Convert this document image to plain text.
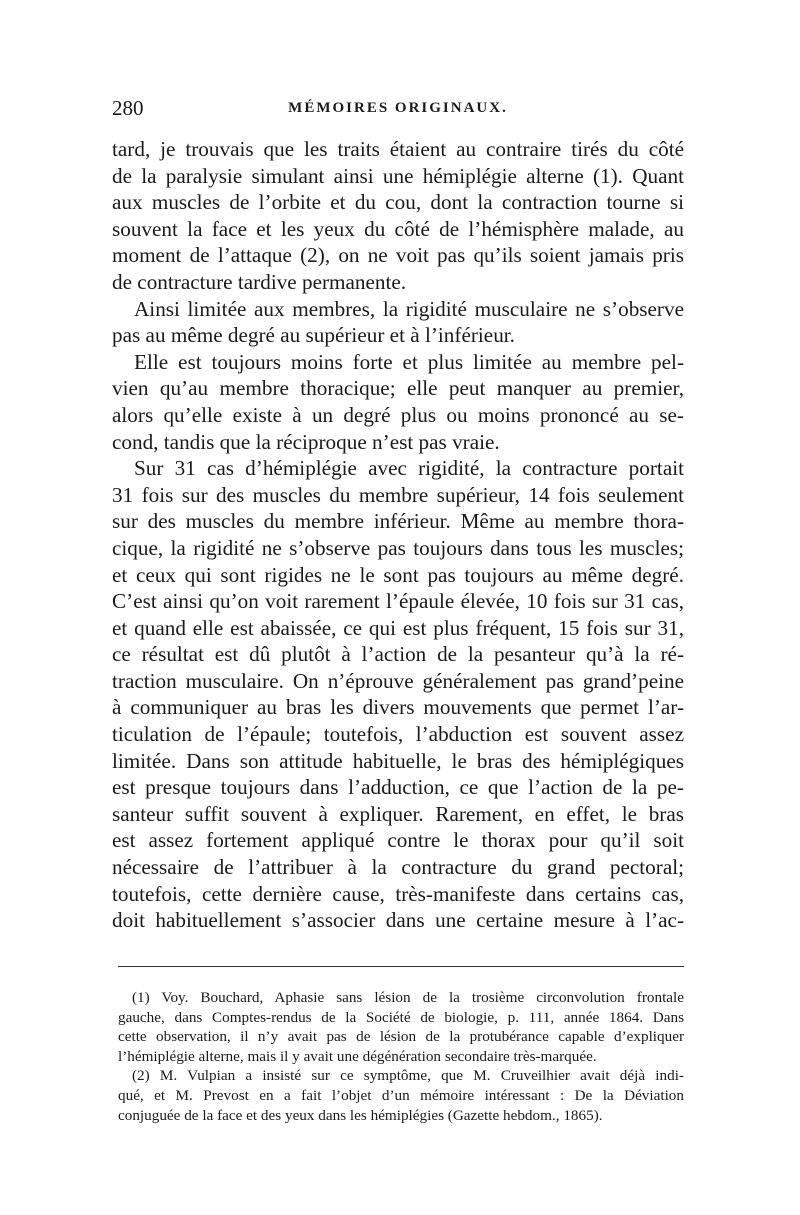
280	MÉMOIRES ORIGINAUX.

tard, je trouvais que les traits étaient au contraire tirés du côté
de la paralysie simulant ainsi une hémiplégie alterne (1). Quant
aux muscles de l’orbite et du cou, dont la contraction tourne si
souvent la face et les yeux du côté de l’hémisphère malade, au
moment de l’attaque (2), on ne voit pas qu’ils soient jamais pris
de contracture tardive permanente.

Ainsi limitée aux membres, la rigidité musculaire ne s’observe
pas au même degré au supérieur et à l’inférieur.

Elle est toujours moins forte et plus limitée au membre pel-
vien qu’au membre thoracique; elle peut manquer au premier,
alors qu’elle existe à un degré plus ou moins prononcé au se-
cond, tandis que la réciproque n’est pas vraie.

Sur 31 cas d’hémiplégie avec rigidité, la contracture portait
31 fois sur des muscles du membre supérieur, 14 fois seulement
sur des muscles du membre inférieur. Même au membre thora-
cique, la rigidité ne s’observe pas toujours dans tous les muscles;
et ceux qui sont rigides ne le sont pas toujours au même degré.
C’est ainsi qu’on voit rarement l’épaule élevée, 10 fois sur 31 cas,
et quand elle est abaissée, ce qui est plus fréquent, 15 fois sur 31,
ce résultat est dû plutôt à l’action de la pesanteur qu’à la ré-
traction musculaire. On n’éprouve généralement pas grand’peine
à communiquer au bras les divers mouvements que permet l’ar-
ticulation de l’épaule; toutefois, l’abduction est souvent assez
limitée. Dans son attitude habituelle, le bras des hémiplégiques
est presque toujours dans l’adduction, ce que l’action de la pe-
santeur suffit souvent à expliquer. Rarement, en effet, le bras
est assez fortement appliqué contre le thorax pour qu’il soit
nécessaire de l’attribuer à la contracture du grand pectoral;
toutefois, cette dernière cause, très-manifeste dans certains cas,
doit habituellement s’associer dans une certaine mesure à l’ac-

(1) Voy. Bouchard, Aphasie sans lésion de la trosième circonvolution frontale
gauche, dans Comptes-rendus de la Société de biologie, p. 111, année 1864. Dans
cette observation, il n’y avait pas de lésion de la protubérance capable d’expliquer
l’hémiplégie alterne, mais il y avait une dégénération secondaire très-marquée.

(2) M. Vulpian a insisté sur ce symptôme, que M. Cruveilhier avait déjà indi-
qué, et M. Prevost en a fait l’objet d’un mémoire intéressant : De la Déviation
conjuguée de la face et des yeux dans les hémiplégies (Gazette hebdom., 1865).
